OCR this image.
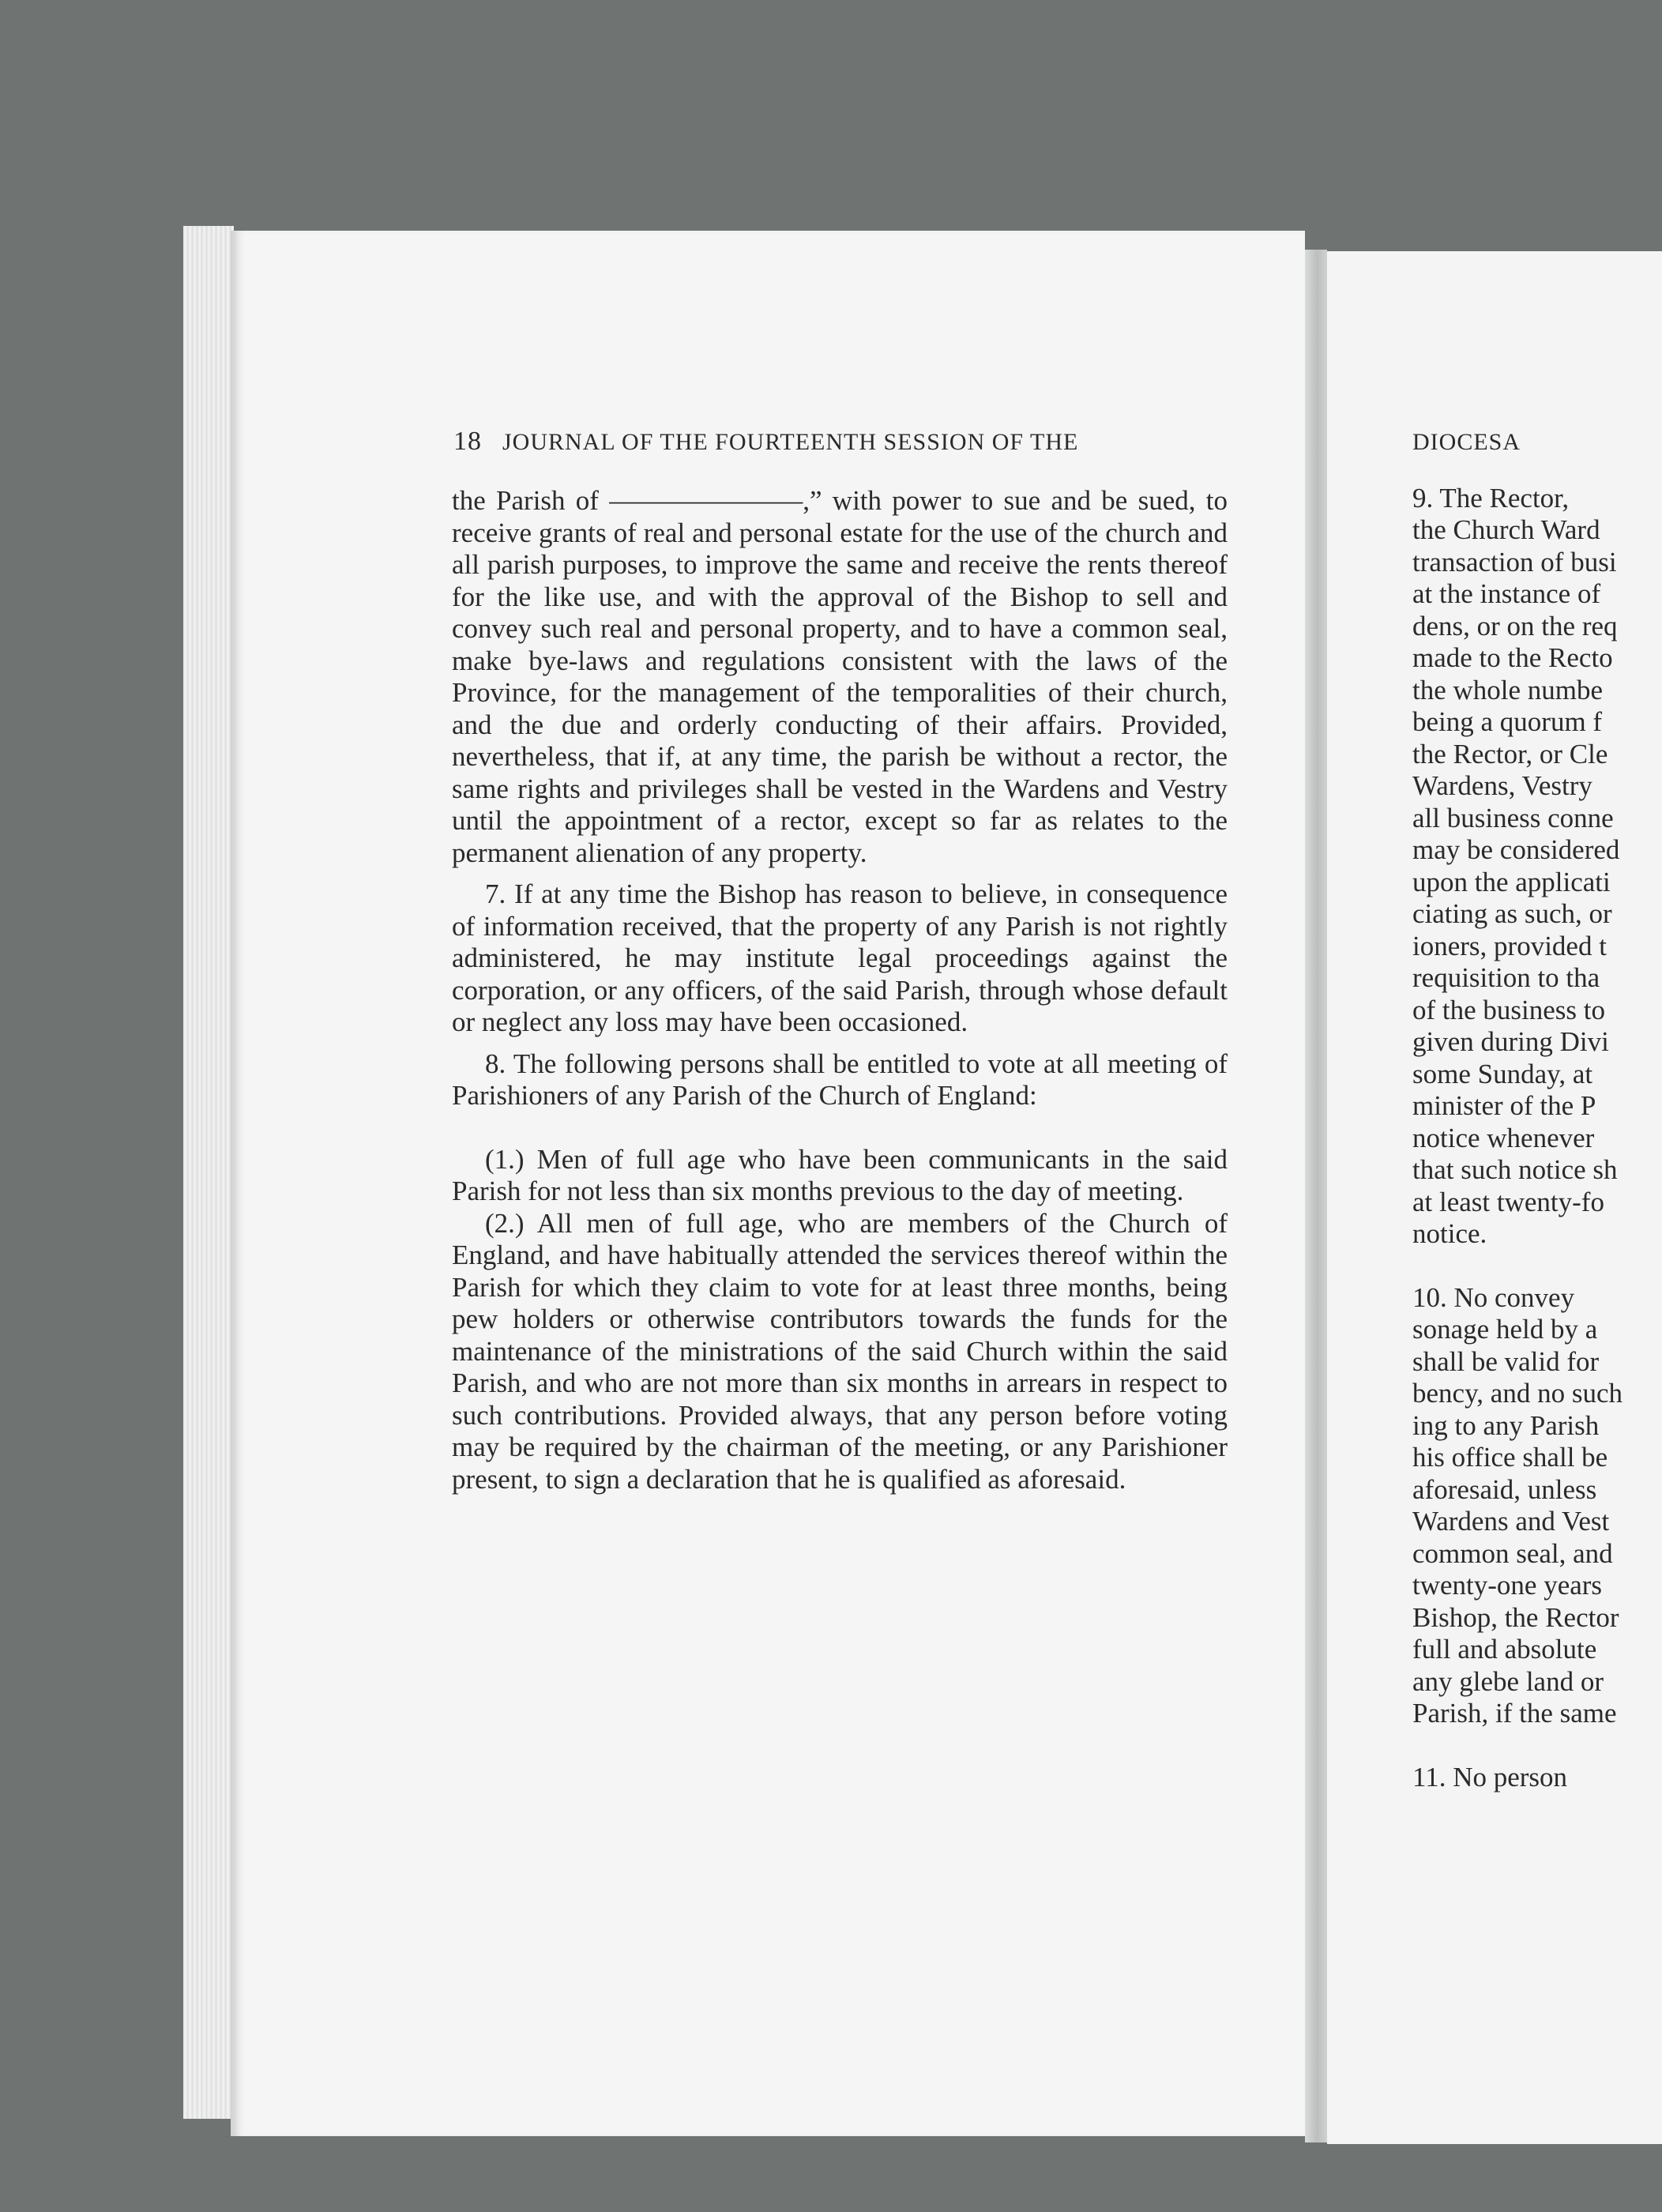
18 JOURNAL OF THE FOURTEENTH SESSION OF THE

the Parish of ———————,” with power to sue and be sued, to receive grants of real and personal estate for the use of the church and all parish purposes, to improve the same and receive the rents thereof for the like use, and with the approval of the Bishop to sell and convey such real and personal property, and to have a common seal, make bye-laws and regulations consistent with the laws of the Province, for the management of the temporalities of their church, and the due and orderly conducting of their affairs. Provided, nevertheless, that if, at any time, the parish be without a rector, the same rights and privileges shall be vested in the Wardens and Vestry until the appointment of a rector, except so far as relates to the permanent alienation of any property.

7. If at any time the Bishop has reason to believe, in consequence of information received, that the property of any Parish is not rightly administered, he may institute legal proceedings against the corporation, or any officers, of the said Parish, through whose default or neglect any loss may have been occasioned.

8. The following persons shall be entitled to vote at all meeting of Parishioners of any Parish of the Church of England:

(1.) Men of full age who have been communicants in the said Parish for not less than six months previous to the day of meeting.

(2.) All men of full age, who are members of the Church of England, and have habitually attended the services thereof within the Parish for which they claim to vote for at least three months, being pew holders or otherwise contributors towards the funds for the maintenance of the ministrations of the said Church within the said Parish, and who are not more than six months in arrears in respect to such contributions. Provided always, that any person before voting may be required by the chairman of the meeting, or any Parishioner present, to sign a declaration that he is qualified as aforesaid.

DIOCESA
9. The Rector,
the Church Ward
transaction of busi
at the instance of
dens, or on the req
made to the Recto
the whole numbe
being a quorum f
the Rector, or Cle
Wardens, Vestry
all business conne
may be considered
upon the applicati
ciating as such, or
ioners, provided t
requisition to tha
of the business to
given during Divi
some Sunday, at
minister of the P
notice whenever
that such notice sh
at least twenty-fo
notice.
10. No convey
sonage held by a
shall be valid for
bency, and no such
ing to any Parish
his office shall be
aforesaid, unless
Wardens and Vest
common seal, and
twenty-one years
Bishop, the Rector
full and absolute
any glebe land or
Parish, if the same
11. No person
